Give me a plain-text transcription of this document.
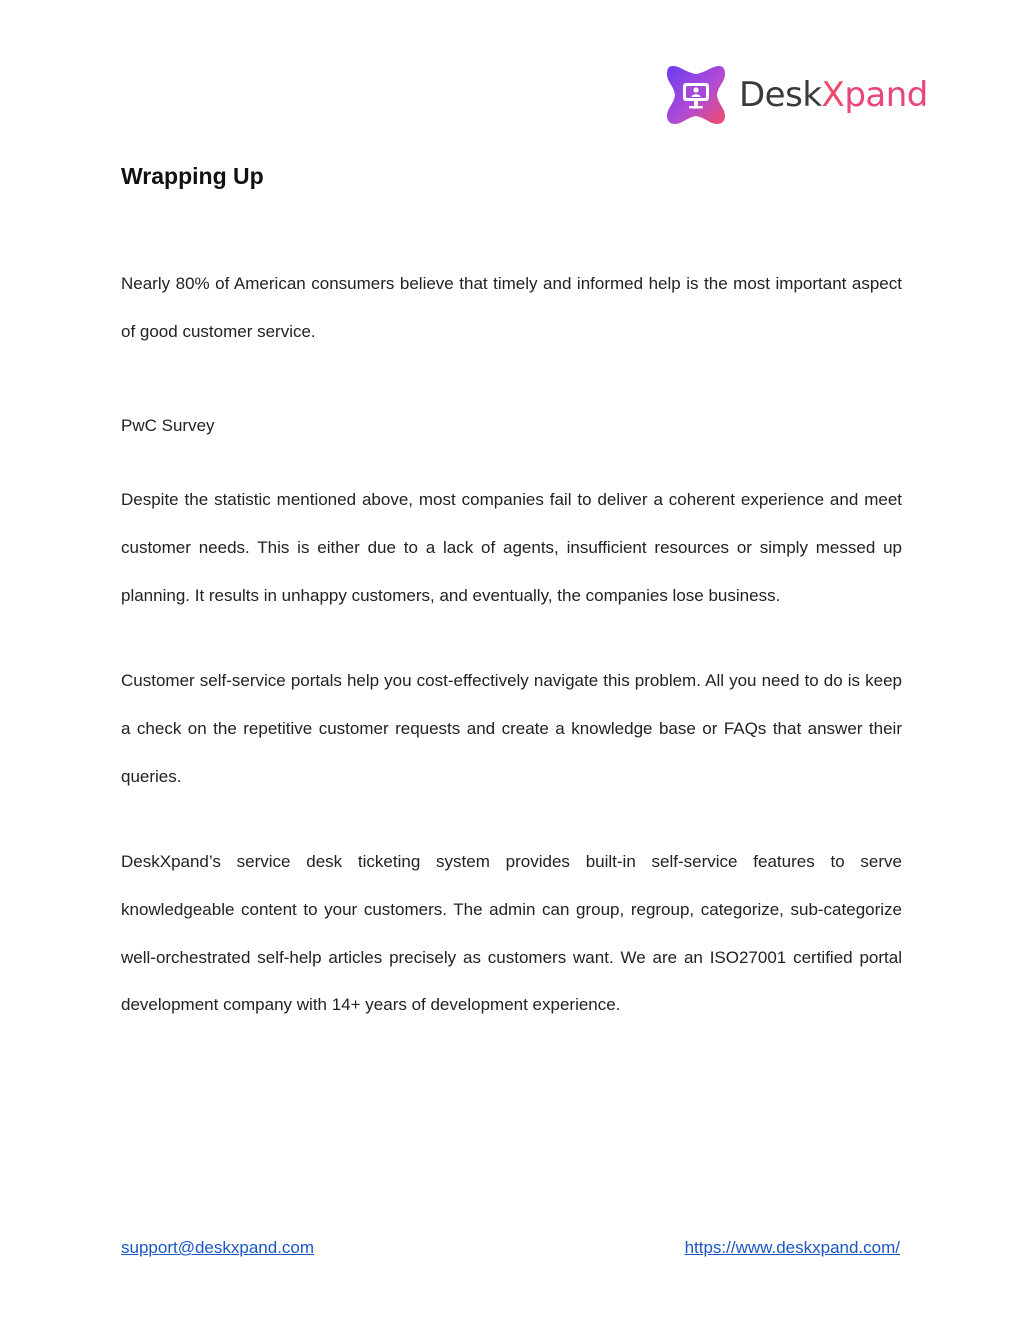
DeskXpand
Wrapping Up

Nearly 80% of American consumers believe that timely and informed help is the most important aspect of good customer service.

PwC Survey

Despite the statistic mentioned above, most companies fail to deliver a coherent experience and meet customer needs. This is either due to a lack of agents, insufficient resources or simply messed up planning. It results in unhappy customers, and eventually, the companies lose business.

Customer self-service portals help you cost-effectively navigate this problem. All you need to do is keep a check on the repetitive customer requests and create a knowledge base or FAQs that answer their queries.

DeskXpand’s service desk ticketing system provides built-in self-service features to serve knowledgeable content to your customers. The admin can group, regroup, categorize, sub-categorize well-orchestrated self-help articles precisely as customers want. We are an ISO27001 certified portal development company with 14+ years of development experience.

support@deskxpand.com	https://www.deskxpand.com/
